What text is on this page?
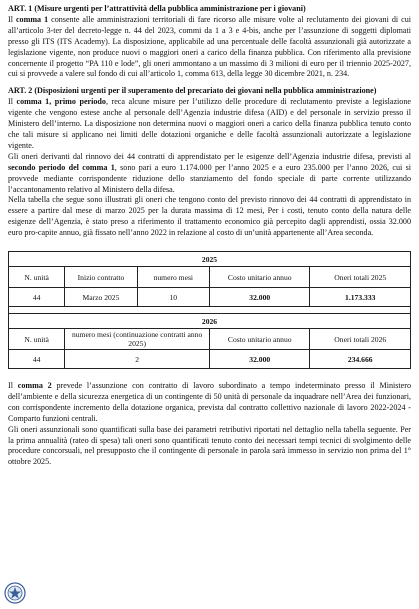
ART. 1 (Misure urgenti per l’attrattività della pubblica amministrazione per i giovani)

Il comma 1 consente alle amministrazioni territoriali di fare ricorso alle misure volte al reclutamento dei giovani di cui all’articolo 3-ter del decreto-legge n. 44 del 2023, commi da 1 a 3 e 4-bis, anche per l’assunzione di soggetti diplomati presso gli ITS (ITS Academy). La disposizione, applicabile ad una percentuale delle facoltà assunzionali già autorizzate a legislazione vigente, non produce nuovi o maggiori oneri a carico della finanza pubblica. Con riferimento alla previsione concernente il progetto “PA 110 e lode”, gli oneri ammontano a un massimo di 3 milioni di euro per il triennio 2025-2027, cui si provvede a valere sul fondo di cui all’articolo 1, comma 613, della legge 30 dicembre 2021, n. 234.

ART. 2 (Disposizioni urgenti per il superamento del precariato dei giovani nella pubblica amministrazione)

Il comma 1, primo periodo, reca alcune misure per l’utilizzo delle procedure di reclutamento previste a legislazione vigente che vengono estese anche al personale dell’Agenzia industrie difesa (AID) e del personale in servizio presso il Ministero dell’interno. La disposizione non determina nuovi o maggiori oneri a carico della finanza pubblica tenuto conto che tali misure si applicano nei limiti delle dotazioni organiche e delle facoltà assunzionali autorizzate a legislazione vigente.

Gli oneri derivanti dal rinnovo dei 44 contratti di apprendistato per le esigenze dell’Agenzia industrie difesa, previsti al secondo periodo del comma 1, sono pari a euro 1.174.000 per l’anno 2025 e a euro 235.000 per l’anno 2026, cui si provvede mediante corrispondente riduzione dello stanziamento del fondo speciale di parte corrente utilizzando l’accantonamento relativo al Ministero della difesa.

Nella tabella che segue sono illustrati gli oneri che tengono conto del previsto rinnovo dei 44 contratti di apprendistato in essere a partire dal mese di marzo 2025 per la durata massima di 12 mesi, Per i costi, tenuto conto della natura delle esigenze dell’Agenzia, è stato preso a riferimento il trattamento economico già percepito dagli apprendisti, ossia 32.000 euro pro-capite annuo, già fissato nell’anno 2022 in relazione al costo di un’unità appartenente all’Area seconda.

2025				
N. unità	Inizio contratto	numero mesi	Costo unitario annuo	Oneri totali 2025
44	Marzo 2025	10	32.000	1.173.333

2026				
N. unità	numero mesi (continuazione contratti anno 2025)		Costo unitario annuo	Oneri totali 2026
44	2		32.000	234.666

Il comma 2 prevede l’assunzione con contratto di lavoro subordinato a tempo indeterminato presso il Ministero dell’ambiente e della sicurezza energetica di un contingente di 50 unità di personale da inquadrare nell’Area dei funzionari, con corrispondente incremento della dotazione organica, prevista dal contratto collettivo nazionale di lavoro 2022-2024 - Comparto funzioni centrali.

Gli oneri assunzionali sono quantificati sulla base dei parametri retributivi riportati nel dettaglio nella tabella seguente. Per la prima annualità (rateo di spesa) tali oneri sono quantificati tenuto conto dei necessari tempi tecnici di svolgimento delle procedure concorsuali, nel presupposto che il contingente di personale in parola sarà immesso in servizio non prima del 1° ottobre 2025.
